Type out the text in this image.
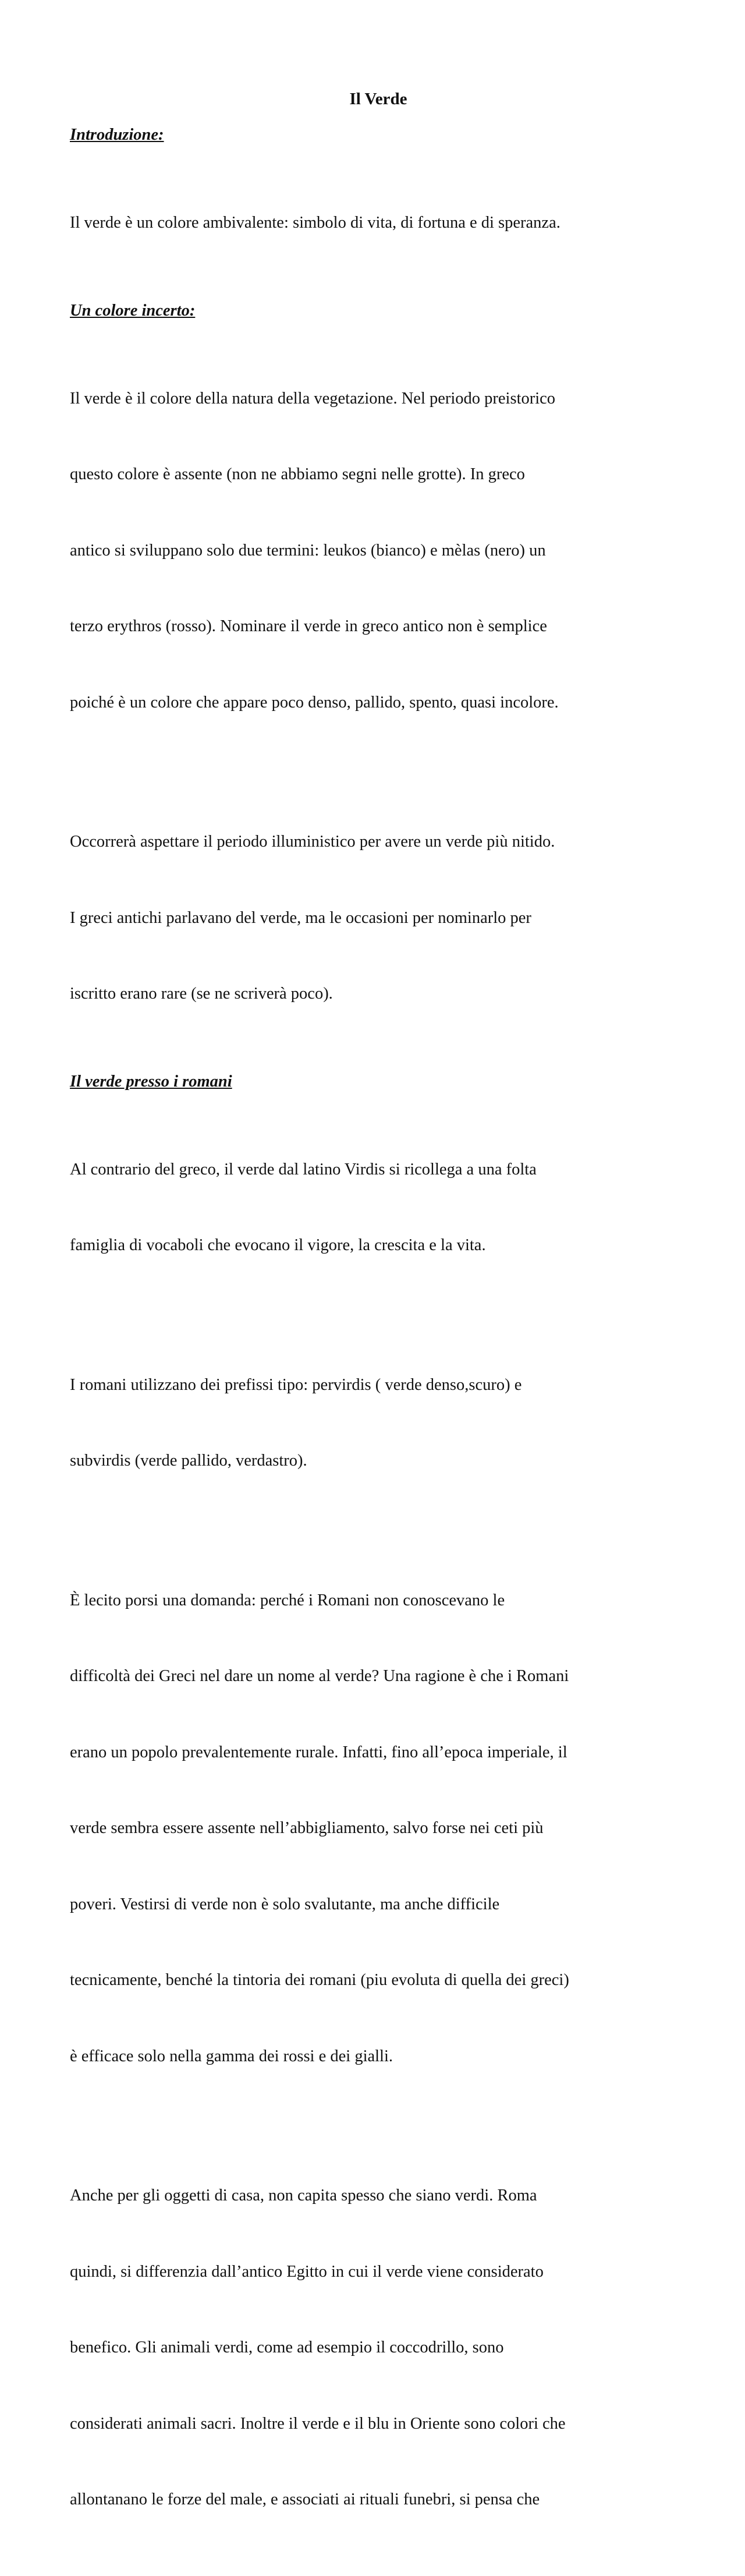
Il Verde
Introduzione:

Il verde è un colore ambivalente: simbolo di vita, di fortuna e di speranza.

Un colore incerto:

Il verde è il colore della natura della vegetazione. Nel periodo preistorico

questo colore è assente (non ne abbiamo segni nelle grotte). In greco

antico si sviluppano solo due termini: leukos (bianco) e mèlas (nero) un

terzo erythros (rosso). Nominare il verde in greco antico non è semplice

poiché è un colore che appare poco denso, pallido, spento, quasi incolore.

Occorrerà aspettare il periodo illuministico per avere un verde più nitido.

I greci antichi parlavano del verde, ma le occasioni per nominarlo per

iscritto erano rare (se ne scriverà poco).

Il verde presso i romani

Al contrario del greco, il verde dal latino Virdis si ricollega a una folta

famiglia di vocaboli che evocano il vigore, la crescita e la vita.

I romani utilizzano dei prefissi tipo: pervirdis ( verde denso,scuro) e

subvirdis (verde pallido, verdastro).

È lecito porsi una domanda: perché i Romani non conoscevano le

difficoltà dei Greci nel dare un nome al verde? Una ragione è che i Romani

erano un popolo prevalentemente rurale. Infatti, fino all’epoca imperiale, il

verde sembra essere assente nell’abbigliamento, salvo forse nei ceti più

poveri. Vestirsi di verde non è solo svalutante, ma anche difficile

tecnicamente, benché la tintoria dei romani (piu evoluta di quella dei greci)

è efficace solo nella gamma dei rossi e dei gialli.

Anche per gli oggetti di casa, non capita spesso che siano verdi. Roma

quindi, si differenzia dall’antico Egitto in cui il verde viene considerato

benefico. Gli animali verdi, come ad esempio il coccodrillo, sono

considerati animali sacri. Inoltre il verde e il blu in Oriente sono colori che

allontanano le forze del male, e associati ai rituali funebri, si pensa che
